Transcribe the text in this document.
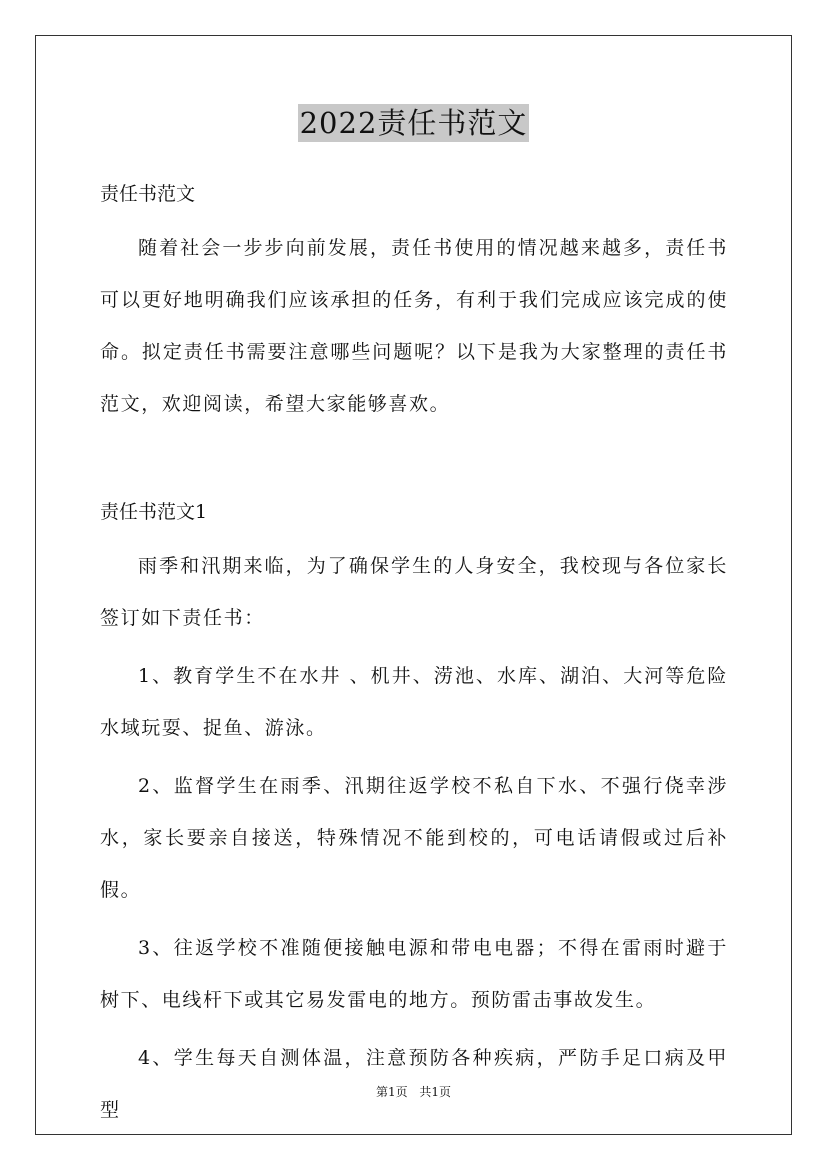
2022责任书范文

责任书范文

随着社会一步步向前发展，责任书使用的情况越来越多，责任书可以更好地明确我们应该承担的任务，有利于我们完成应该完成的使命。拟定责任书需要注意哪些问题呢？以下是我为大家整理的责任书范文，欢迎阅读，希望大家能够喜欢。

责任书范文1

雨季和汛期来临，为了确保学生的人身安全，我校现与各位家长签订如下责任书：

1、教育学生不在水井 、机井、涝池、水库、湖泊、大河等危险水域玩耍、捉鱼、游泳。

2、监督学生在雨季、汛期往返学校不私自下水、不强行侥幸涉水，家长要亲自接送，特殊情况不能到校的，可电话请假或过后补假。

3、往返学校不准随便接触电源和带电电器；不得在雷雨时避于树下、电线杆下或其它易发雷电的地方。预防雷击事故发生。

4、学生每天自测体温，注意预防各种疾病，严防手足口病及甲型

第1页 共1页
